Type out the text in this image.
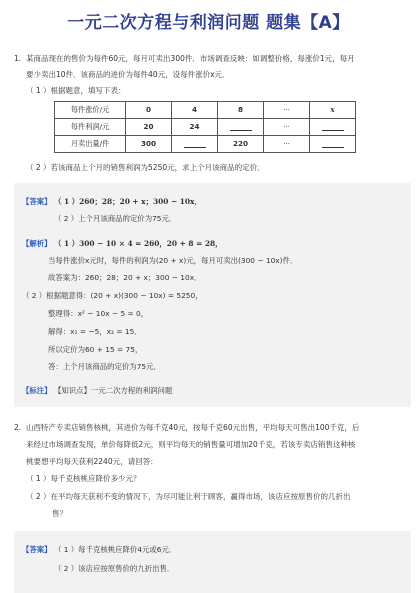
一元二次方程与利润问题 题集【A】
1. 某商品现在的售价为每件60元，每月可卖出300件．市场调查反映：如调整价格，每涨价1元，每月
要少卖出10件．该商品的进价为每件40元，设每件涨价x元．
（ 1 ）根据题意，填写下表：
每件涨价/元	0	4	8	···	x
每件利润/元	20	24		···	
月卖出量/件	300		220	···	
（ 2 ）若该商品上个月的销售利润为5250元，求上个月该商品的定价．
【答案】 （ 1 ）260；28；20 + x；300 − 10x．
（ 2 ）上个月该商品的定价为75元．
【解析】 （ 1 ）300 − 10 × 4 = 260，20 + 8 = 28，
当每件涨价x元时，每件的利润为(20 + x)元，每月可卖出(300 − 10x)件．
故答案为：260；28；20 + x；300 − 10x．
（ 2 ）根据题意得：(20 + x)(300 − 10x) = 5250，
整理得：x² − 10x − 5 = 0，
解得：x₁ = −5，x₂ = 15．
所以定价为60 + 15 = 75，
答：上个月该商品的定价为75元．
【标注】 【知识点】一元二次方程的利润问题
2. 山西特产专卖店销售核桃，其进价为每千克40元，按每千克60元出售，平均每天可售出100千克，后
来经过市场调查发现，单价每降低2元，则平均每天的销售量可增加20千克，若该专卖店销售这种核
桃要想平均每天获利2240元，请回答：
（ 1 ）每千克核桃应降价多少元？
（ 2 ）在平均每天获利不变的情况下，为尽可能让利于顾客，赢得市场，该店应按原售价的几折出
售？
【答案】 （ 1 ）每千克核桃应降价4元或6元．
（ 2 ）该店应按原售价的九折出售．
